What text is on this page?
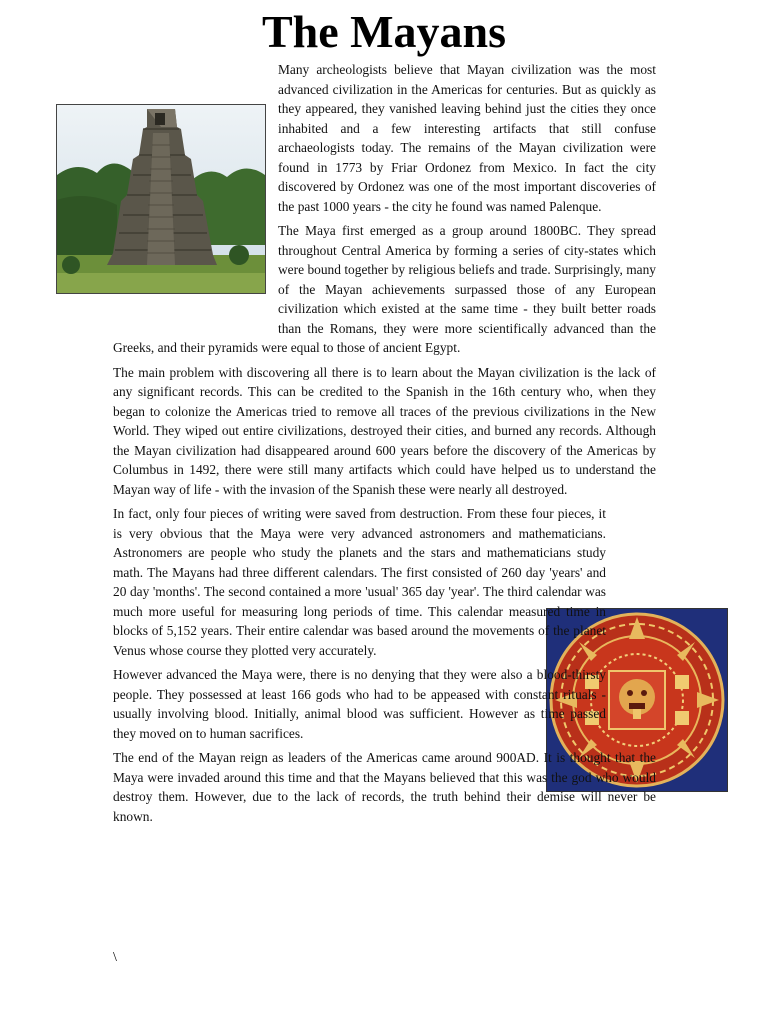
The Mayans

Many archeologists believe that Mayan civilization was the most advanced civilization in the Americas for centuries. But as quickly as they appeared, they vanished leaving behind just the cities they once inhabited and a few interesting artifacts that still confuse archaeologists today. The remains of the Mayan civilization were found in 1773 by Friar Ordonez from Mexico. In fact the city discovered by Ordonez was one of the most important discoveries of the past 1000 years - the city he found was named Palenque.

The Maya first emerged as a group around 1800BC. They spread throughout Central America by forming a series of city-states which were bound together by religious beliefs and trade. Surprisingly, many of the Mayan achievements surpassed those of any European civilization which existed at the same time - they built better roads than the Romans, they were more scientifically advanced than the Greeks, and their pyramids were equal to those of ancient Egypt.

The main problem with discovering all there is to learn about the Mayan civilization is the lack of any significant records. This can be credited to the Spanish in the 16th century who, when they began to colonize the Americas tried to remove all traces of the previous civilizations in the New World. They wiped out entire civilizations, destroyed their cities, and burned any records. Although the Mayan civilization had disappeared around 600 years before the discovery of the Americas by Columbus in 1492, there were still many artifacts which could have helped us to understand the Mayan way of life - with the invasion of the Spanish these were nearly all destroyed.

In fact, only four pieces of writing were saved from destruction. From these four pieces, it is very obvious that the Maya were very advanced astronomers and mathematicians. Astronomers are people who study the planets and the stars and mathematicians study math. The Mayans had three different calendars. The first consisted of 260 day 'years' and 20 day 'months'. The second contained a more 'usual' 365 day 'year'. The third calendar was much more useful for measuring long periods of time. This calendar measured time in blocks of 5,152 years. Their entire calendar was based around the movements of the planet Venus whose course they plotted very accurately.

However advanced the Maya were, there is no denying that they were also a blood-thirsty people. They possessed at least 166 gods who had to be appeased with constant rituals - usually involving blood. Initially, animal blood was sufficient. However as time passed they moved on to human sacrifices.

The end of the Mayan reign as leaders of the Americas came around 900AD. It is thought that the Maya were invaded around this time and that the Mayans believed that this was the god who would destroy them. However, due to the lack of records, the truth behind their demise will never be known.

\
